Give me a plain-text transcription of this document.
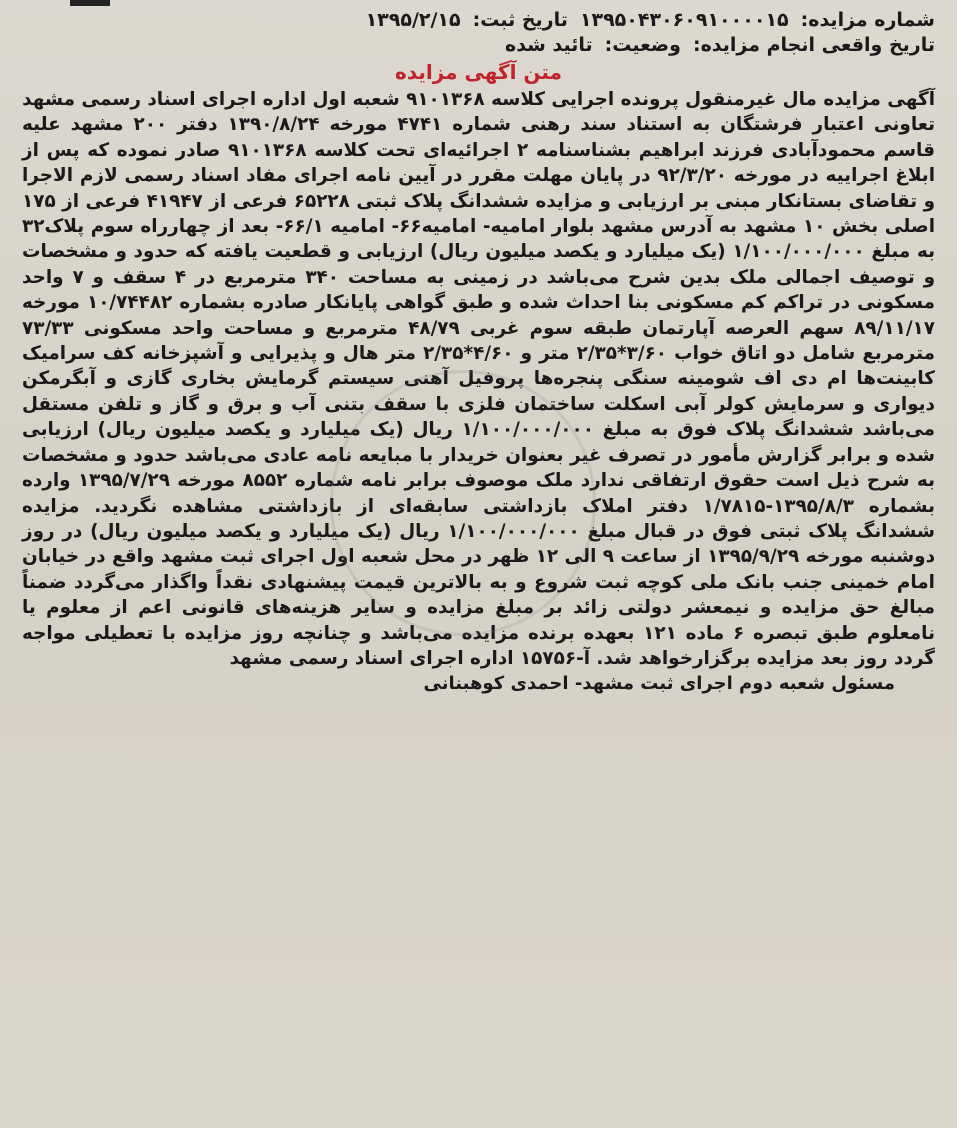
شماره مزایده:۱۳۹۵۰۴۳۰۶۰۹۱۰۰۰۰۱۵تاریخ ثبت:۱۳۹۵/۲/۱۵
تاریخ واقعی انجام مزایده:وضعیت:تائید شده
متن آگهی مزایده

آگهی مزایده مال غیرمنقول پرونده اجرایی کلاسه ۹۱۰۱۳۶۸ شعبه اول اداره اجرای اسناد رسمی مشهد

تعاونی اعتبار فرشتگان به استناد سند رهنی شماره ۴۷۴۱ مورخه ۱۳۹۰/۸/۲۴ دفتر ۲۰۰ مشهد علیه قاسم محمودآبادی فرزند ابراهیم بشناسنامه ۲ اجرائیه‌ای تحت کلاسه ۹۱۰۱۳۶۸ صادر نموده که پس از ابلاغ اجراییه در مورخه ۹۲/۳/۲۰ در پایان مهلت مقرر در آیین نامه اجرای مفاد اسناد رسمی لازم الاجرا و تقاضای بستانکار مبنی بر ارزیابی و مزایده ششدانگ پلاک ثبتی ۶۵۲۲۸ فرعی از ۴۱۹۴۷ فرعی از ۱۷۵ اصلی بخش ۱۰ مشهد به آدرس مشهد بلوار امامیه- امامیه۶۶- امامیه ۶۶/۱- بعد از چهارراه سوم پلاک۳۲ به مبلغ ۱/۱۰۰/۰۰۰/۰۰۰ (یک میلیارد و یکصد میلیون ریال) ارزیابی و قطعیت یافته که حدود و مشخصات و توصیف اجمالی ملک بدین شرح می‌باشد در زمینی به مساحت ۳۴۰ مترمربع در ۴ سقف و ۷ واحد مسکونی در تراکم کم مسکونی بنا احداث شده و طبق گواهی پایانکار صادره بشماره ۱۰/۷۴۴۸۲ مورخه ۸۹/۱۱/۱۷ سهم العرصه آپارتمان طبقه سوم غربی ۴۸/۷۹ مترمربع و مساحت واحد مسکونی ۷۳/۳۳ مترمربع شامل دو اتاق خواب ۳/۶۰*۲/۳۵ متر و ۴/۶۰*۲/۳۵ متر هال و پذیرایی و آشپزخانه کف سرامیک کابینت‌ها ام دی اف شومینه سنگی پنجره‌ها پروفیل آهنی سیستم گرمایش بخاری گازی و آبگرمکن دیواری و سرمایش کولر آبی اسکلت ساختمان فلزی با سقف بتنی آب و برق و گاز و تلفن مستقل می‌باشد ششدانگ پلاک فوق به مبلغ ۱/۱۰۰/۰۰۰/۰۰۰ ریال (یک میلیارد و یکصد میلیون ریال) ارزیابی شده و برابر گزارش مأمور در تصرف غیر بعنوان خریدار با مبایعه نامه عادی می‌باشد حدود و مشخصات به شرح ذیل است حقوق ارتفاقی ندارد ملک موصوف برابر نامه شماره ۸۵۵۲ مورخه ۱۳۹۵/۷/۲۹ وارده بشماره ۱۳۹۵/۸/۳-۱/۷۸۱۵ دفتر املاک بازداشتی سابقه‌ای از بازداشتی مشاهده نگردید. مزایده ششدانگ پلاک ثبتی فوق در قبال مبلغ ۱/۱۰۰/۰۰۰/۰۰۰ ریال (یک میلیارد و یکصد میلیون ریال) در روز دوشنبه مورخه ۱۳۹۵/۹/۲۹ از ساعت ۹ الی ۱۲ ظهر در محل شعبه اول اجرای ثبت مشهد واقع در خیابان امام خمینی جنب بانک ملی کوچه ثبت شروع و به بالاترین قیمت پیشنهادی نقداً واگذار می‌گردد ضمناً مبالغ حق مزایده و نیمعشر دولتی زائد بر مبلغ مزایده و سایر هزینه‌های قانونی اعم از معلوم یا نامعلوم طبق تبصره ۶ ماده ۱۲۱ بعهده برنده مزایده می‌باشد و چنانچه روز مزایده با تعطیلی مواجه گردد روز بعد مزایده برگزارخواهد شد. آ-۱۵۷۵۶ اداره اجرای اسناد رسمی مشهد

مسئول شعبه دوم اجرای ثبت مشهد- احمدی کوهبنانی
